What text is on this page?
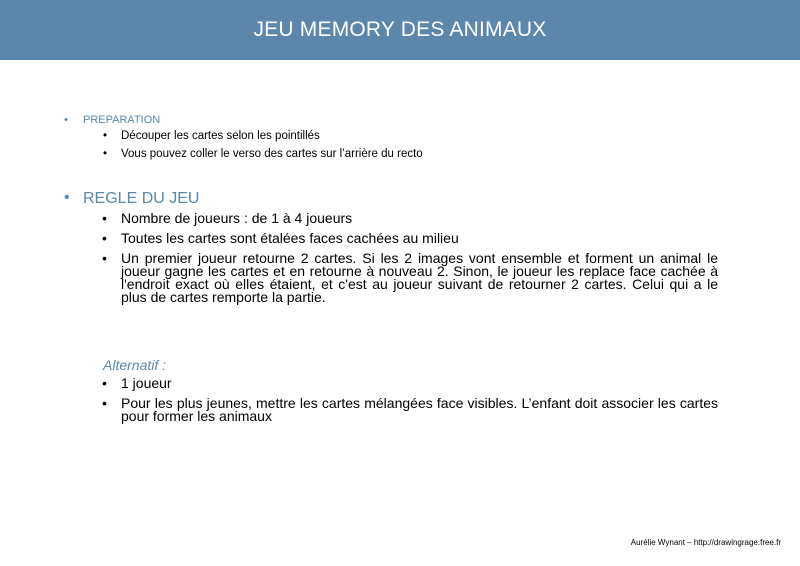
JEU MEMORY DES ANIMAUX
• PREPARATION
• Découper les cartes selon les pointillés
• Vous pouvez coller le verso des cartes sur l’arrière du recto
• REGLE DU JEU
• Nombre de joueurs : de 1 à 4 joueurs
• Toutes les cartes sont étalées faces cachées au milieu
• Un premier joueur retourne 2 cartes. Si les 2 images vont ensemble et forment un animal le joueur gagne les cartes et en retourne à nouveau 2. Sinon, le joueur les replace face cachée à l'endroit exact où elles étaient, et c'est au joueur suivant de retourner 2 cartes. Celui qui a le plus de cartes remporte la partie.
Alternatif :
• 1 joueur
• Pour les plus jeunes, mettre les cartes mélangées face visibles. L’enfant doit associer les cartes pour former les animaux
Aurélie Wynant – http://drawingrage.free.fr
